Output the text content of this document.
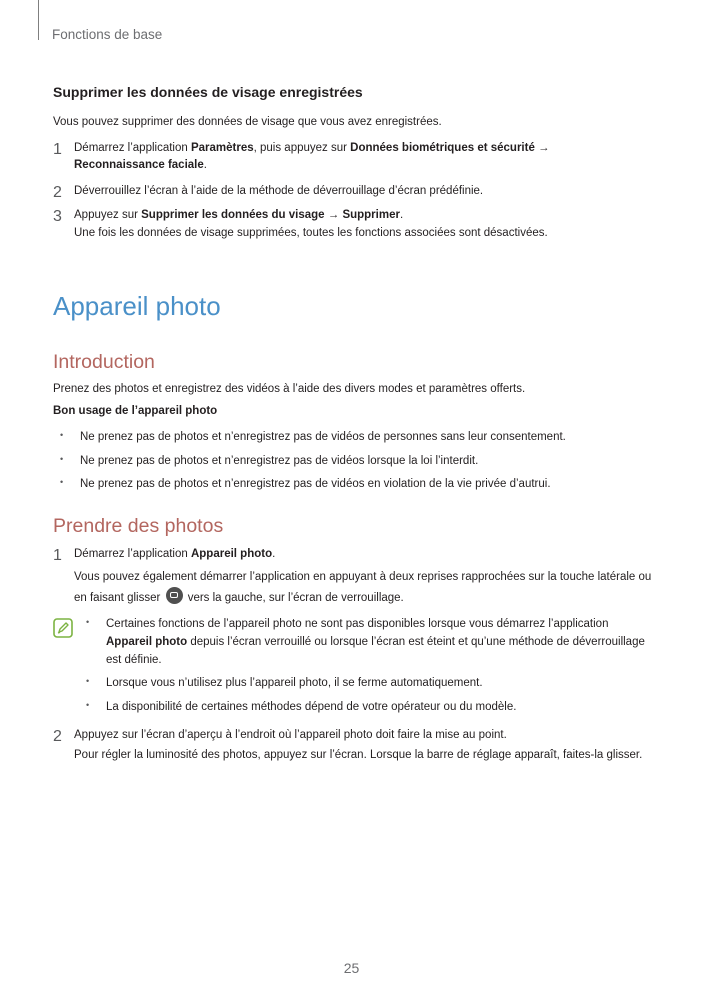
Fonctions de base
Supprimer les données de visage enregistrées

Vous pouvez supprimer des données de visage que vous avez enregistrées.

1 Démarrez l’application Paramètres, puis appuyez sur Données biométriques et sécurité →
Reconnaissance faciale.
2 Déverrouillez l’écran à l’aide de la méthode de déverrouillage d’écran prédéfinie.
3 Appuyez sur Supprimer les données du visage → Supprimer.
Une fois les données de visage supprimées, toutes les fonctions associées sont désactivées.
Appareil photo
Introduction

Prenez des photos et enregistrez des vidéos à l’aide des divers modes et paramètres offerts.

Bon usage de l’appareil photo

• Ne prenez pas de photos et n’enregistrez pas de vidéos de personnes sans leur consentement.
• Ne prenez pas de photos et n’enregistrez pas de vidéos lorsque la loi l’interdit.
• Ne prenez pas de photos et n’enregistrez pas de vidéos en violation de la vie privée d’autrui.
Prendre des photos
1 Démarrez l’application Appareil photo.
Vous pouvez également démarrer l’application en appuyant à deux reprises rapprochées sur la touche latérale ou en faisant glisser  vers la gauche, sur l’écran de verrouillage.
• Certaines fonctions de l’appareil photo ne sont pas disponibles lorsque vous démarrez l’application Appareil photo depuis l’écran verrouillé ou lorsque l’écran est éteint et qu’une méthode de déverrouillage est définie.
• Lorsque vous n’utilisez plus l’appareil photo, il se ferme automatiquement.
• La disponibilité de certaines méthodes dépend de votre opérateur ou du modèle.
2 Appuyez sur l’écran d’aperçu à l’endroit où l’appareil photo doit faire la mise au point.
Pour régler la luminosité des photos, appuyez sur l’écran. Lorsque la barre de réglage apparaît, faites-la glisser.
25
